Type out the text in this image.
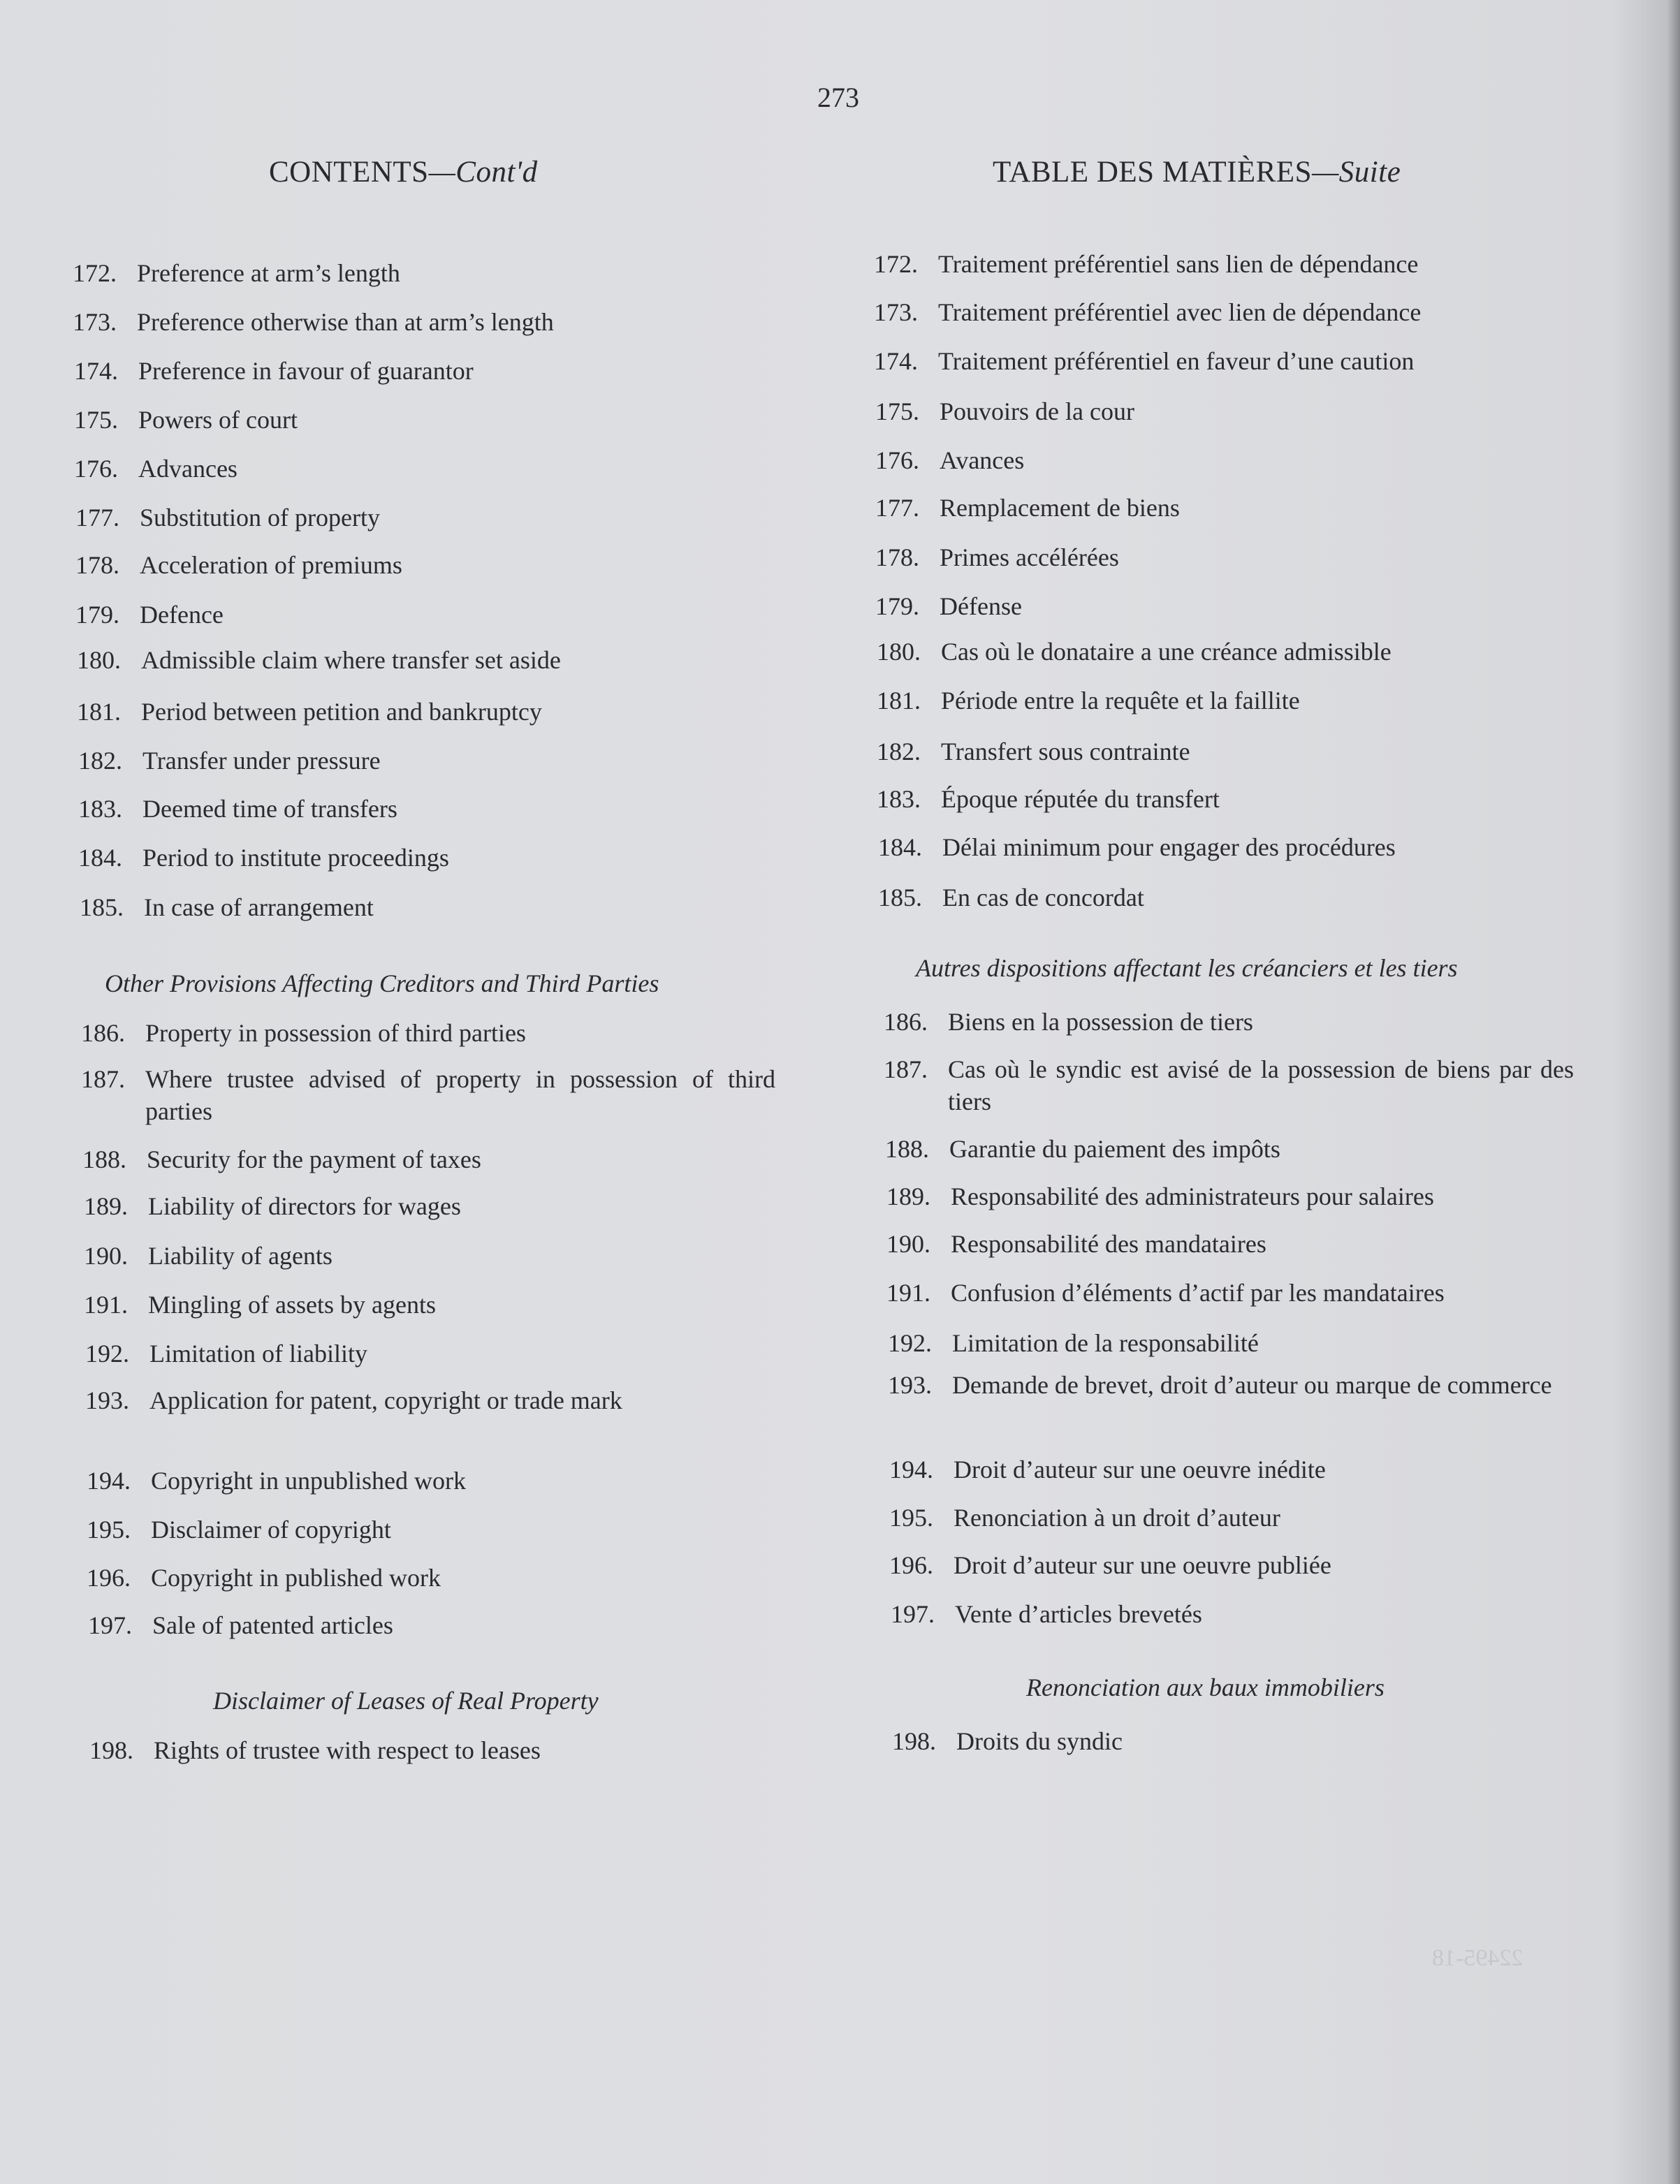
273
CONTENTS—Cont'd
172. Preference at arm’s length
173. Preference otherwise than at arm’s length
174. Preference in favour of guarantor
175. Powers of court
176. Advances
177. Substitution of property
178. Acceleration of premiums
179. Defence
180. Admissible claim where transfer set aside
181. Period between petition and bankruptcy
182. Transfer under pressure
183. Deemed time of transfers
184. Period to institute proceedings
185. In case of arrangement
Other Provisions Affecting Creditors and Third Parties
186. Property in possession of third parties
187. Where trustee advised of property in possession of third parties
188. Security for the payment of taxes
189. Liability of directors for wages
190. Liability of agents
191. Mingling of assets by agents
192. Limitation of liability
193. Application for patent, copyright or trade mark
194. Copyright in unpublished work
195. Disclaimer of copyright
196. Copyright in published work
197. Sale of patented articles
Disclaimer of Leases of Real Property
198. Rights of trustee with respect to leases
TABLE DES MATIÈRES—Suite
172. Traitement préférentiel sans lien de dépendance
173. Traitement préférentiel avec lien de dépendance
174. Traitement préférentiel en faveur d’une caution
175. Pouvoirs de la cour
176. Avances
177. Remplacement de biens
178. Primes accélérées
179. Défense
180. Cas où le donataire a une créance admissible
181. Période entre la requête et la faillite
182. Transfert sous contrainte
183. Époque réputée du transfert
184. Délai minimum pour engager des procédures
185. En cas de concordat
Autres dispositions affectant les créanciers et les tiers
186. Biens en la possession de tiers
187. Cas où le syndic est avisé de la possession de biens par des tiers
188. Garantie du paiement des impôts
189. Responsabilité des administrateurs pour salaires
190. Responsabilité des mandataires
191. Confusion d’éléments d’actif par les mandataires
192. Limitation de la responsabilité
193. Demande de brevet, droit d’auteur ou marque de commerce
194. Droit d’auteur sur une oeuvre inédite
195. Renonciation à un droit d’auteur
196. Droit d’auteur sur une oeuvre publiée
197. Vente d’articles brevetés
Renonciation aux baux immobiliers
198. Droits du syndic
22495-18
